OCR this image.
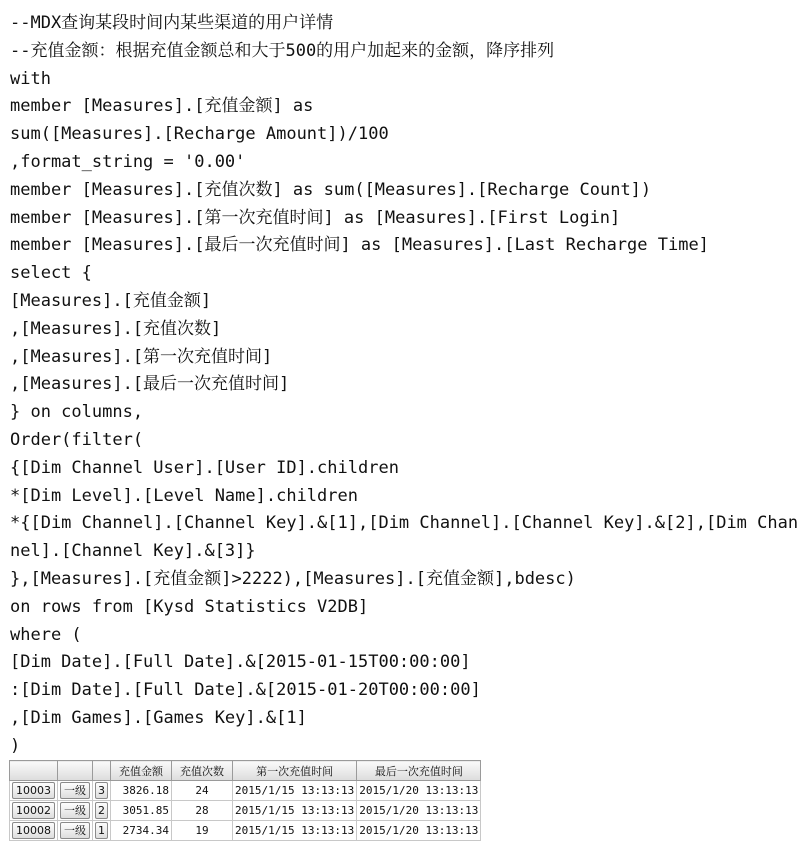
--MDX查询某段时间内某些渠道的用户详情
--充值金额：根据充值金额总和大于500的用户加起来的金额，降序排列
with
member [Measures].[充值金额] as
sum([Measures].[Recharge Amount])/100
,format_string = '0.00'
member [Measures].[充值次数] as sum([Measures].[Recharge Count])
member [Measures].[第一次充值时间] as [Measures].[First Login]
member [Measures].[最后一次充值时间] as [Measures].[Last Recharge Time]
select {
[Measures].[充值金额]
,[Measures].[充值次数]
,[Measures].[第一次充值时间]
,[Measures].[最后一次充值时间]
} on columns,
Order(filter(
{[Dim Channel User].[User ID].children
*[Dim Level].[Level Name].children
*{[Dim Channel].[Channel Key].&[1],[Dim Channel].[Channel Key].&[2],[Dim Channel].[Channel Key].&[3]}
},[Measures].[充值金额]>2222),[Measures].[充值金额],bdesc)
on rows from [Kysd Statistics V2DB]
where (
[Dim Date].[Full Date].&[2015-01-15T00:00:00]
:[Dim Date].[Full Date].&[2015-01-20T00:00:00]
,[Dim Games].[Games Key].&[1]
)
			充值金额	充值次数	第一次充值时间	最后一次充值时间
10003	一级	3	3826.18	24	2015/1/15 13:13:13	2015/1/20 13:13:13
10002	一级	2	3051.85	28	2015/1/15 13:13:13	2015/1/20 13:13:13
10008	一级	1	2734.34	19	2015/1/15 13:13:13	2015/1/20 13:13:13
